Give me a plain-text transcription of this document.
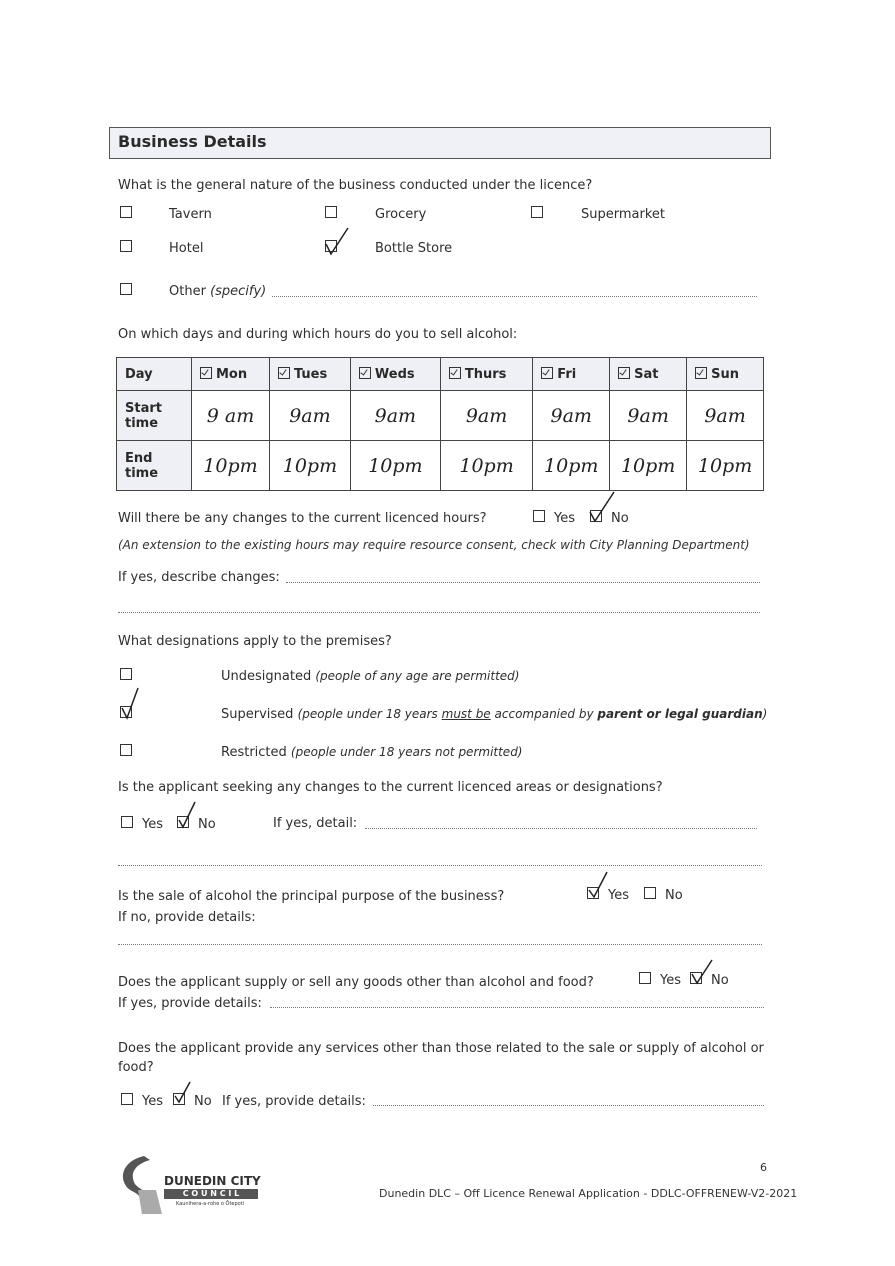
Business Details
What is the general nature of the business conducted under the licence?
Tavern	Grocery	Supermarket
Hotel	Bottle Store
Other (specify)
On which days and during which hours do you to sell alcohol:
Day	Mon	Tues	Weds	Thurs	Fri	Sat	Sun
Start
time	9 am	9am	9am	9am	9am	9am	9am
End
time	10pm	10pm	10pm	10pm	10pm	10pm	10pm
Will there be any changes to the current licenced hours?	Yes	No
(An extension to the existing hours may require resource consent, check with City Planning Department)
If yes, describe changes:
What designations apply to the premises?
Undesignated (people of any age are permitted)
Supervised (people under 18 years must be accompanied by parent or legal guardian)
Restricted (people under 18 years not permitted)
Is the applicant seeking any changes to the current licenced areas or designations?
Yes	No	If yes, detail:
Is the sale of alcohol the principal purpose of the business?	Yes	No
If no, provide details:
Does the applicant supply or sell any goods other than alcohol and food?	Yes No
If yes, provide details:
Does the applicant provide any services other than those related to the sale or supply of alcohol or
food?
Yes No If yes, provide details:
DUNEDIN CITY
C O U N C I L
Kaunihera-a-rohe o Ōtepoti
6
Dunedin DLC – Off Licence Renewal Application - DDLC-OFFRENEW-V2-2021
